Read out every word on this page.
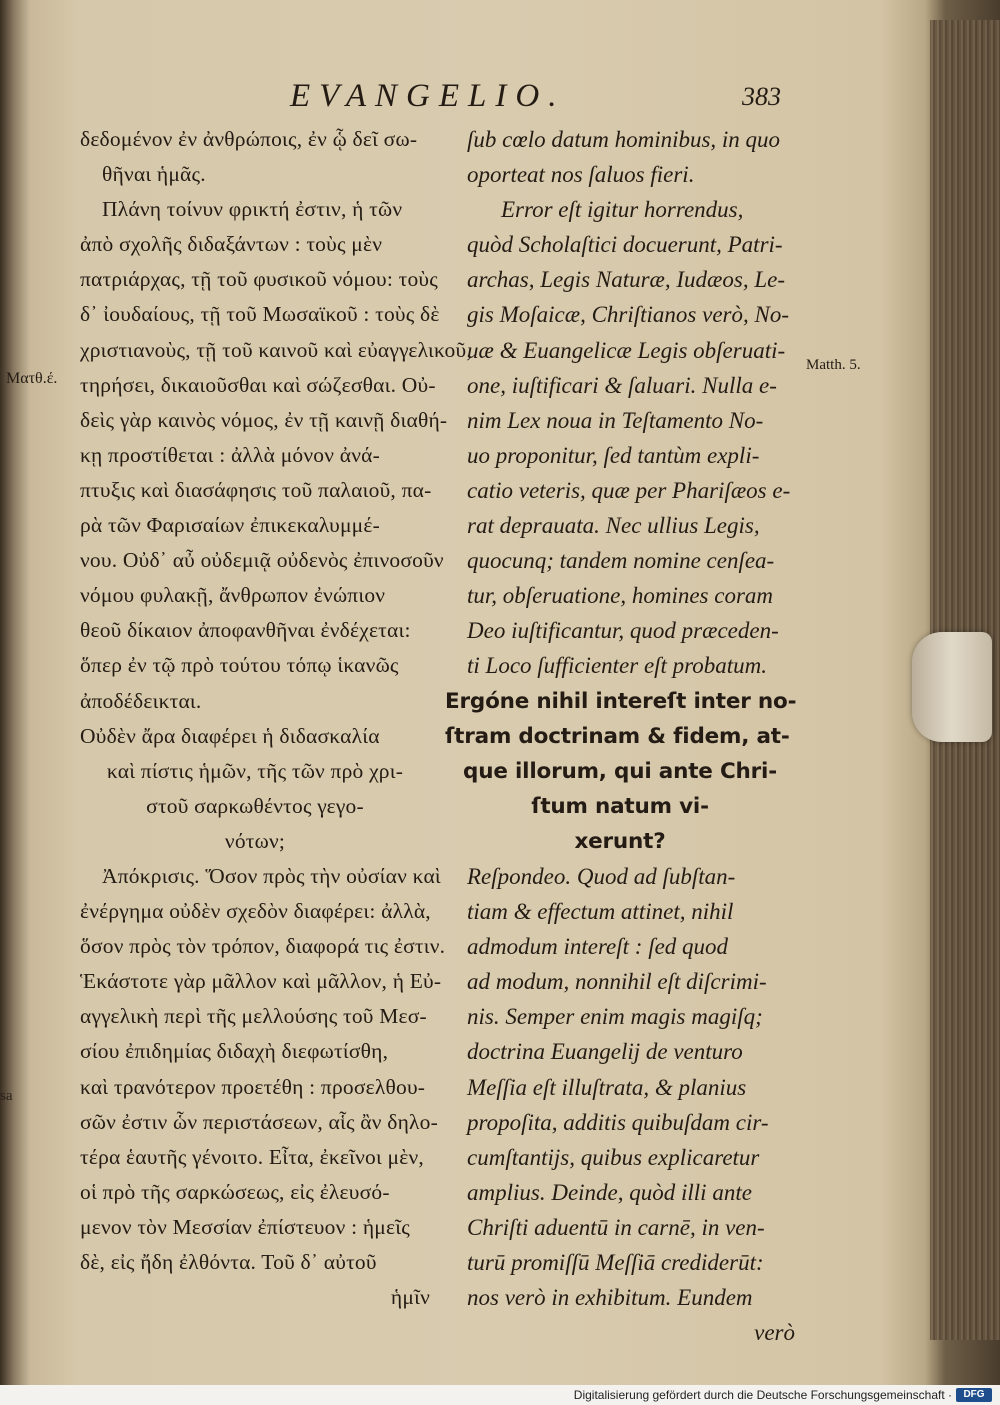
sa
EVANGELIO.	383
Ματθ.έ.
Matth. 5.
δεδομένον ἐν ἀνθρώποις, ἐν ᾧ δεῖ σω-
θῆναι ἡμᾶς.
Πλάνη τοίνυν φρικτή ἐστιν, ἡ τῶν
ἀπὸ σχολῆς διδαξάντων : τοὺς μὲν
πατριάρχας, τῇ τοῦ φυσικοῦ νόμου: τοὺς
δ᾽ ἰουδαίους, τῇ τοῦ Μωσαϊκοῦ : τοὺς δὲ
χριστιανοὺς, τῇ τοῦ καινοῦ καὶ εὐαγγελικοῦ,
τηρήσει, δικαιοῦσθαι καὶ σώζεσθαι. Οὐ-
δεὶς γὰρ καινὸς νόμος, ἐν τῇ καινῇ διαθή-
κῃ προστίθεται : ἀλλὰ μόνον ἀνά-
πτυξις καὶ διασάφησις τοῦ παλαιοῦ, πα-
ρὰ τῶν Φαρισαίων ἐπικεκαλυμμέ-
νου. Οὐδ᾽ αὖ οὐδεμιᾷ οὐδενὸς ἐπινοσοῦν
νόμου φυλακῇ, ἄνθρωπον ἐνώπιον
θεοῦ δίκαιον ἀποφανθῆναι ἐνδέχεται:
ὅπερ ἐν τῷ πρὸ τούτου τόπῳ ἱκανῶς
ἀποδέδεικται.
Οὐδὲν ἄρα διαφέρει ἡ διδασκαλία
καὶ πίστις ἡμῶν, τῆς τῶν πρὸ χρι-
στοῦ σαρκωθέντος γεγο-
νότων;
Ἀπόκρισις. Ὅσον πρὸς τὴν οὐσίαν καὶ
ἐνέργημα οὐδὲν σχεδὸν διαφέρει: ἀλλὰ,
ὅσον πρὸς τὸν τρόπον, διαφορά τις ἐστιν.
Ἑκάστοτε γὰρ μᾶλλον καὶ μᾶλλον, ἡ Εὐ-
αγγελικὴ περὶ τῆς μελλούσης τοῦ Μεσ-
σίου ἐπιδημίας διδαχὴ διεφωτίσθη,
καὶ τρανότερον προετέθη : προσελθου-
σῶν ἐστιν ὧν περιστάσεων, αἷς ἂν δηλο-
τέρα ἑαυτῆς γένοιτο. Εἶτα, ἐκεῖνοι μὲν,
οἱ πρὸ τῆς σαρκώσεως, εἰς ἐλευσό-
μενον τὸν Μεσσίαν ἐπίστευον : ἡμεῖς
δὲ, εἰς ἤδη ἐλθόντα. Τοῦ δ᾽ αὐτοῦ
ἡμῖν
ſub cœlo datum hominibus, in quo
oporteat nos ſaluos fieri.
Error eſt igitur horrendus,
quòd Scholaſtici docuerunt, Patri-
archas, Legis Naturæ, Iudæos, Le-
gis Moſaicæ, Chriſtianos verò, No-
uæ & Euangelicæ Legis obſeruati-
one, iuſtificari & ſaluari. Nulla e-
nim Lex noua in Teſtamento No-
uo proponitur, ſed tantùm expli-
catio veteris, quæ per Phariſæos e-
rat deprauata. Nec ullius Legis,
quocunq; tandem nomine cenſea-
tur, obſeruatione, homines coram
Deo iuſtificantur, quod præceden-
ti Loco ſufficienter eſt probatum.
Ergóne nihil intereſt inter no-
ſtram doctrinam & fidem, at-
que illorum, qui ante Chri-
ſtum natum vi-
xerunt?
Reſpondeo. Quod ad ſubſtan-
tiam & effectum attinet, nihil
admodum intereſt : ſed quod
ad modum, nonnihil eſt diſcrimi-
nis. Semper enim magis magiſq;
doctrina Euangelij de venturo
Meſſia eſt illuſtrata, & planius
propoſita, additis quibuſdam cir-
cumſtantijs, quibus explicaretur
amplius. Deinde, quòd illi ante
Chriſti aduentū in carnē, in ven-
turū promiſſū Meſſiā crediderūt:
nos verò in exhibitum. Eundem
verò
Digitalisierung gefördert durch die Deutsche Forschungsgemeinschaft ·	DFG
